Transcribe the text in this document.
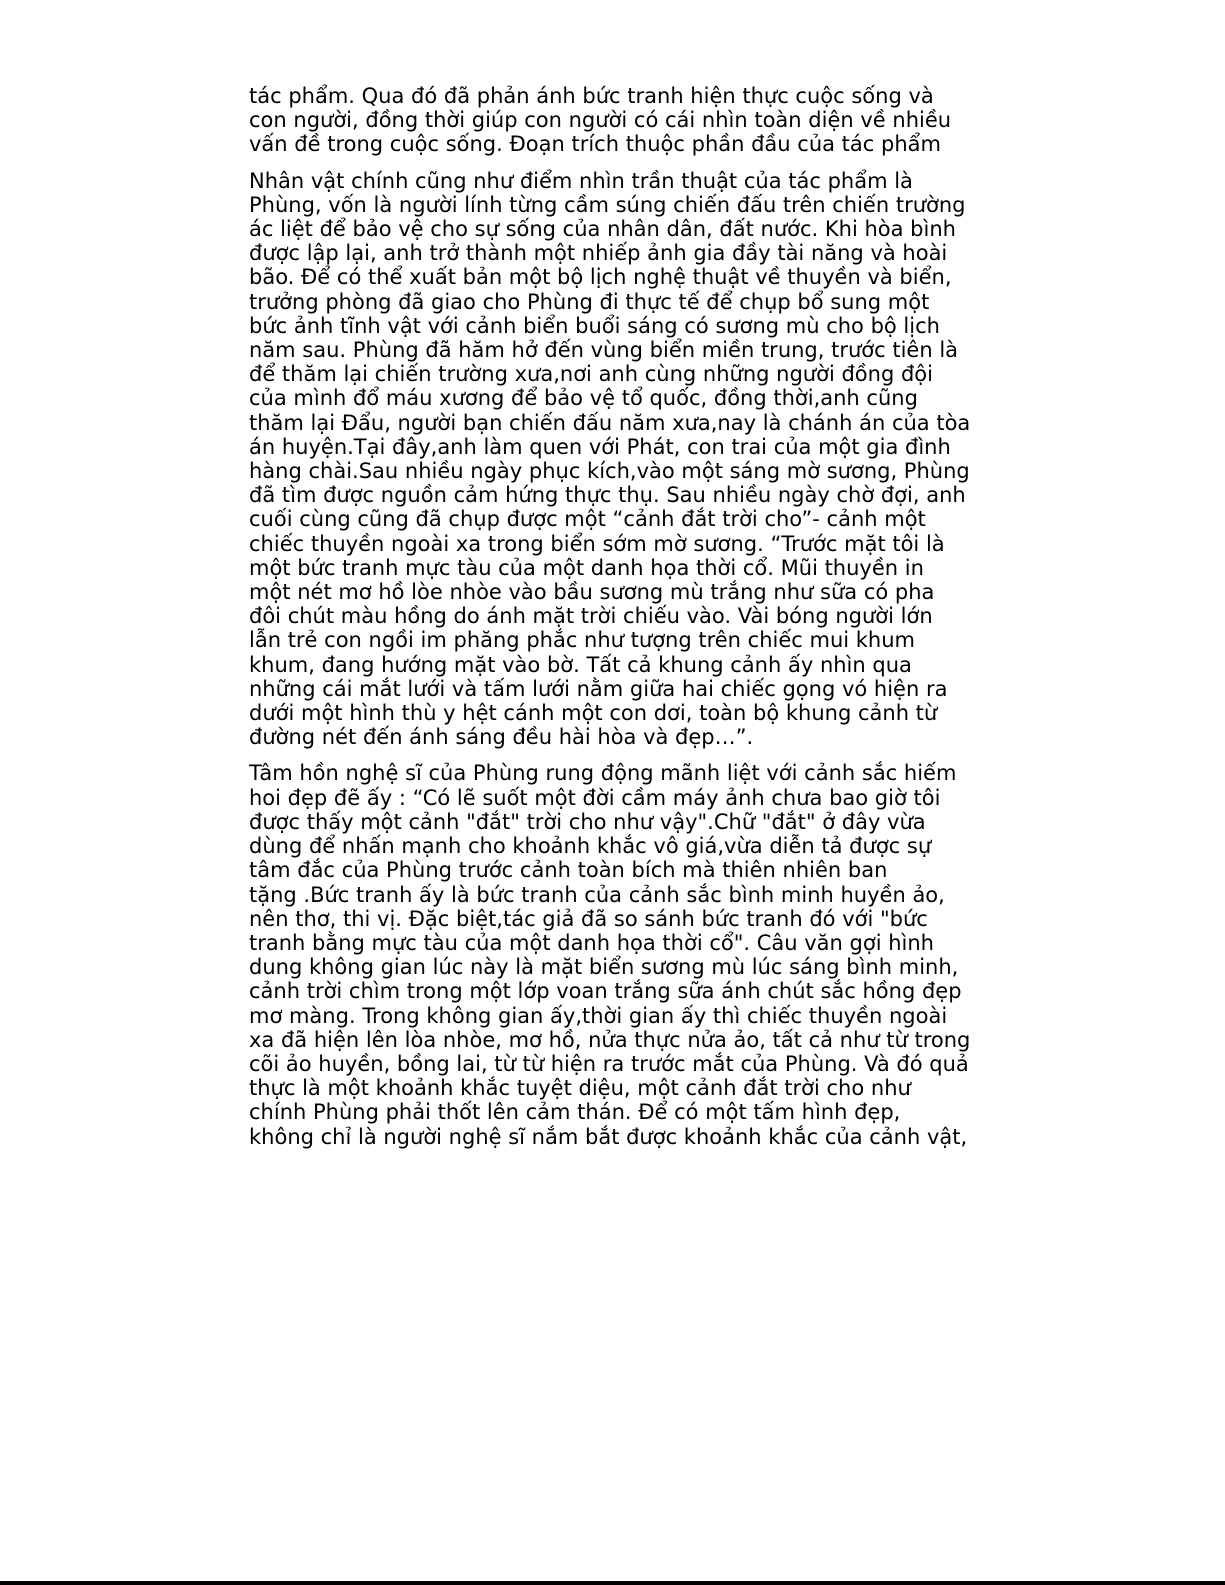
tác phẩm. Qua đó đã phản ánh bức tranh hiện thực cuộc sống và
con người, đồng thời giúp con người có cái nhìn toàn diện về nhiều
vấn đề trong cuộc sống. Đoạn trích thuộc phần đầu của tác phẩm
Nhân vật chính cũng như điểm nhìn trần thuật của tác phẩm là
Phùng, vốn là người lính từng cầm súng chiến đấu trên chiến trường
ác liệt để bảo vệ cho sự sống của nhân dân, đất nước. Khi hòa bình
được lập lại, anh trở thành một nhiếp ảnh gia đầy tài năng và hoài
bão. Để có thể xuất bản một bộ lịch nghệ thuật về thuyền và biển,
trưởng phòng đã giao cho Phùng đi thực tế để chụp bổ sung một
bức ảnh tĩnh vật với cảnh biển buổi sáng có sương mù cho bộ lịch
năm sau. Phùng đã hăm hở đến vùng biển miền trung, trước tiên là
để thăm lại chiến trường xưa,nơi anh cùng những người đồng đội
của mình đổ máu xương để bảo vệ tổ quốc, đồng thời,anh cũng
thăm lại Đẩu, người bạn chiến đấu năm xưa,nay là chánh án của tòa
án huyện.Tại đây,anh làm quen với Phát, con trai của một gia đình
hàng chài.Sau nhiều ngày phục kích,vào một sáng mờ sương, Phùng
đã tìm được nguồn cảm hứng thực thụ. Sau nhiều ngày chờ đợi, anh
cuối cùng cũng đã chụp được một “cảnh đắt trời cho”- cảnh một
chiếc thuyền ngoài xa trong biển sớm mờ sương. “Trước mặt tôi là
một bức tranh mực tàu của một danh họa thời cổ. Mũi thuyền in
một nét mơ hồ lòe nhòe vào bầu sương mù trắng như sữa có pha
đôi chút màu hồng do ánh mặt trời chiếu vào. Vài bóng người lớn
lẫn trẻ con ngồi im phăng phắc như tượng trên chiếc mui khum
khum, đang hướng mặt vào bờ. Tất cả khung cảnh ấy nhìn qua
những cái mắt lưới và tấm lưới nằm giữa hai chiếc gọng vó hiện ra
dưới một hình thù y hệt cánh một con dơi, toàn bộ khung cảnh từ
đường nét đến ánh sáng đều hài hòa và đẹp…”.
Tâm hồn nghệ sĩ của Phùng rung động mãnh liệt với cảnh sắc hiếm
hoi đẹp đẽ ấy : “Có lẽ suốt một đời cầm máy ảnh chưa bao giờ tôi
được thấy một cảnh "đắt" trời cho như vậy".Chữ "đắt" ở đây vừa
dùng để nhấn mạnh cho khoảnh khắc vô giá,vừa diễn tả được sự
tâm đắc của Phùng trước cảnh toàn bích mà thiên nhiên ban
tặng .Bức tranh ấy là bức tranh của cảnh sắc bình minh huyền ảo,
nên thơ, thi vị. Đặc biệt,tác giả đã so sánh bức tranh đó với "bức
tranh bằng mực tàu của một danh họa thời cổ". Câu văn gợi hình
dung không gian lúc này là mặt biển sương mù lúc sáng bình minh,
cảnh trời chìm trong một lớp voan trắng sữa ánh chút sắc hồng đẹp
mơ màng. Trong không gian ấy,thời gian ấy thì chiếc thuyền ngoài
xa đã hiện lên lòa nhòe, mơ hồ, nửa thực nửa ảo, tất cả như từ trong
cõi ảo huyền, bồng lai, từ từ hiện ra trước mắt của Phùng. Và đó quả
thực là một khoảnh khắc tuyệt diệu, một cảnh đắt trời cho như
chính Phùng phải thốt lên cảm thán. Để có một tấm hình đẹp,
không chỉ là người nghệ sĩ nắm bắt được khoảnh khắc của cảnh vật,
